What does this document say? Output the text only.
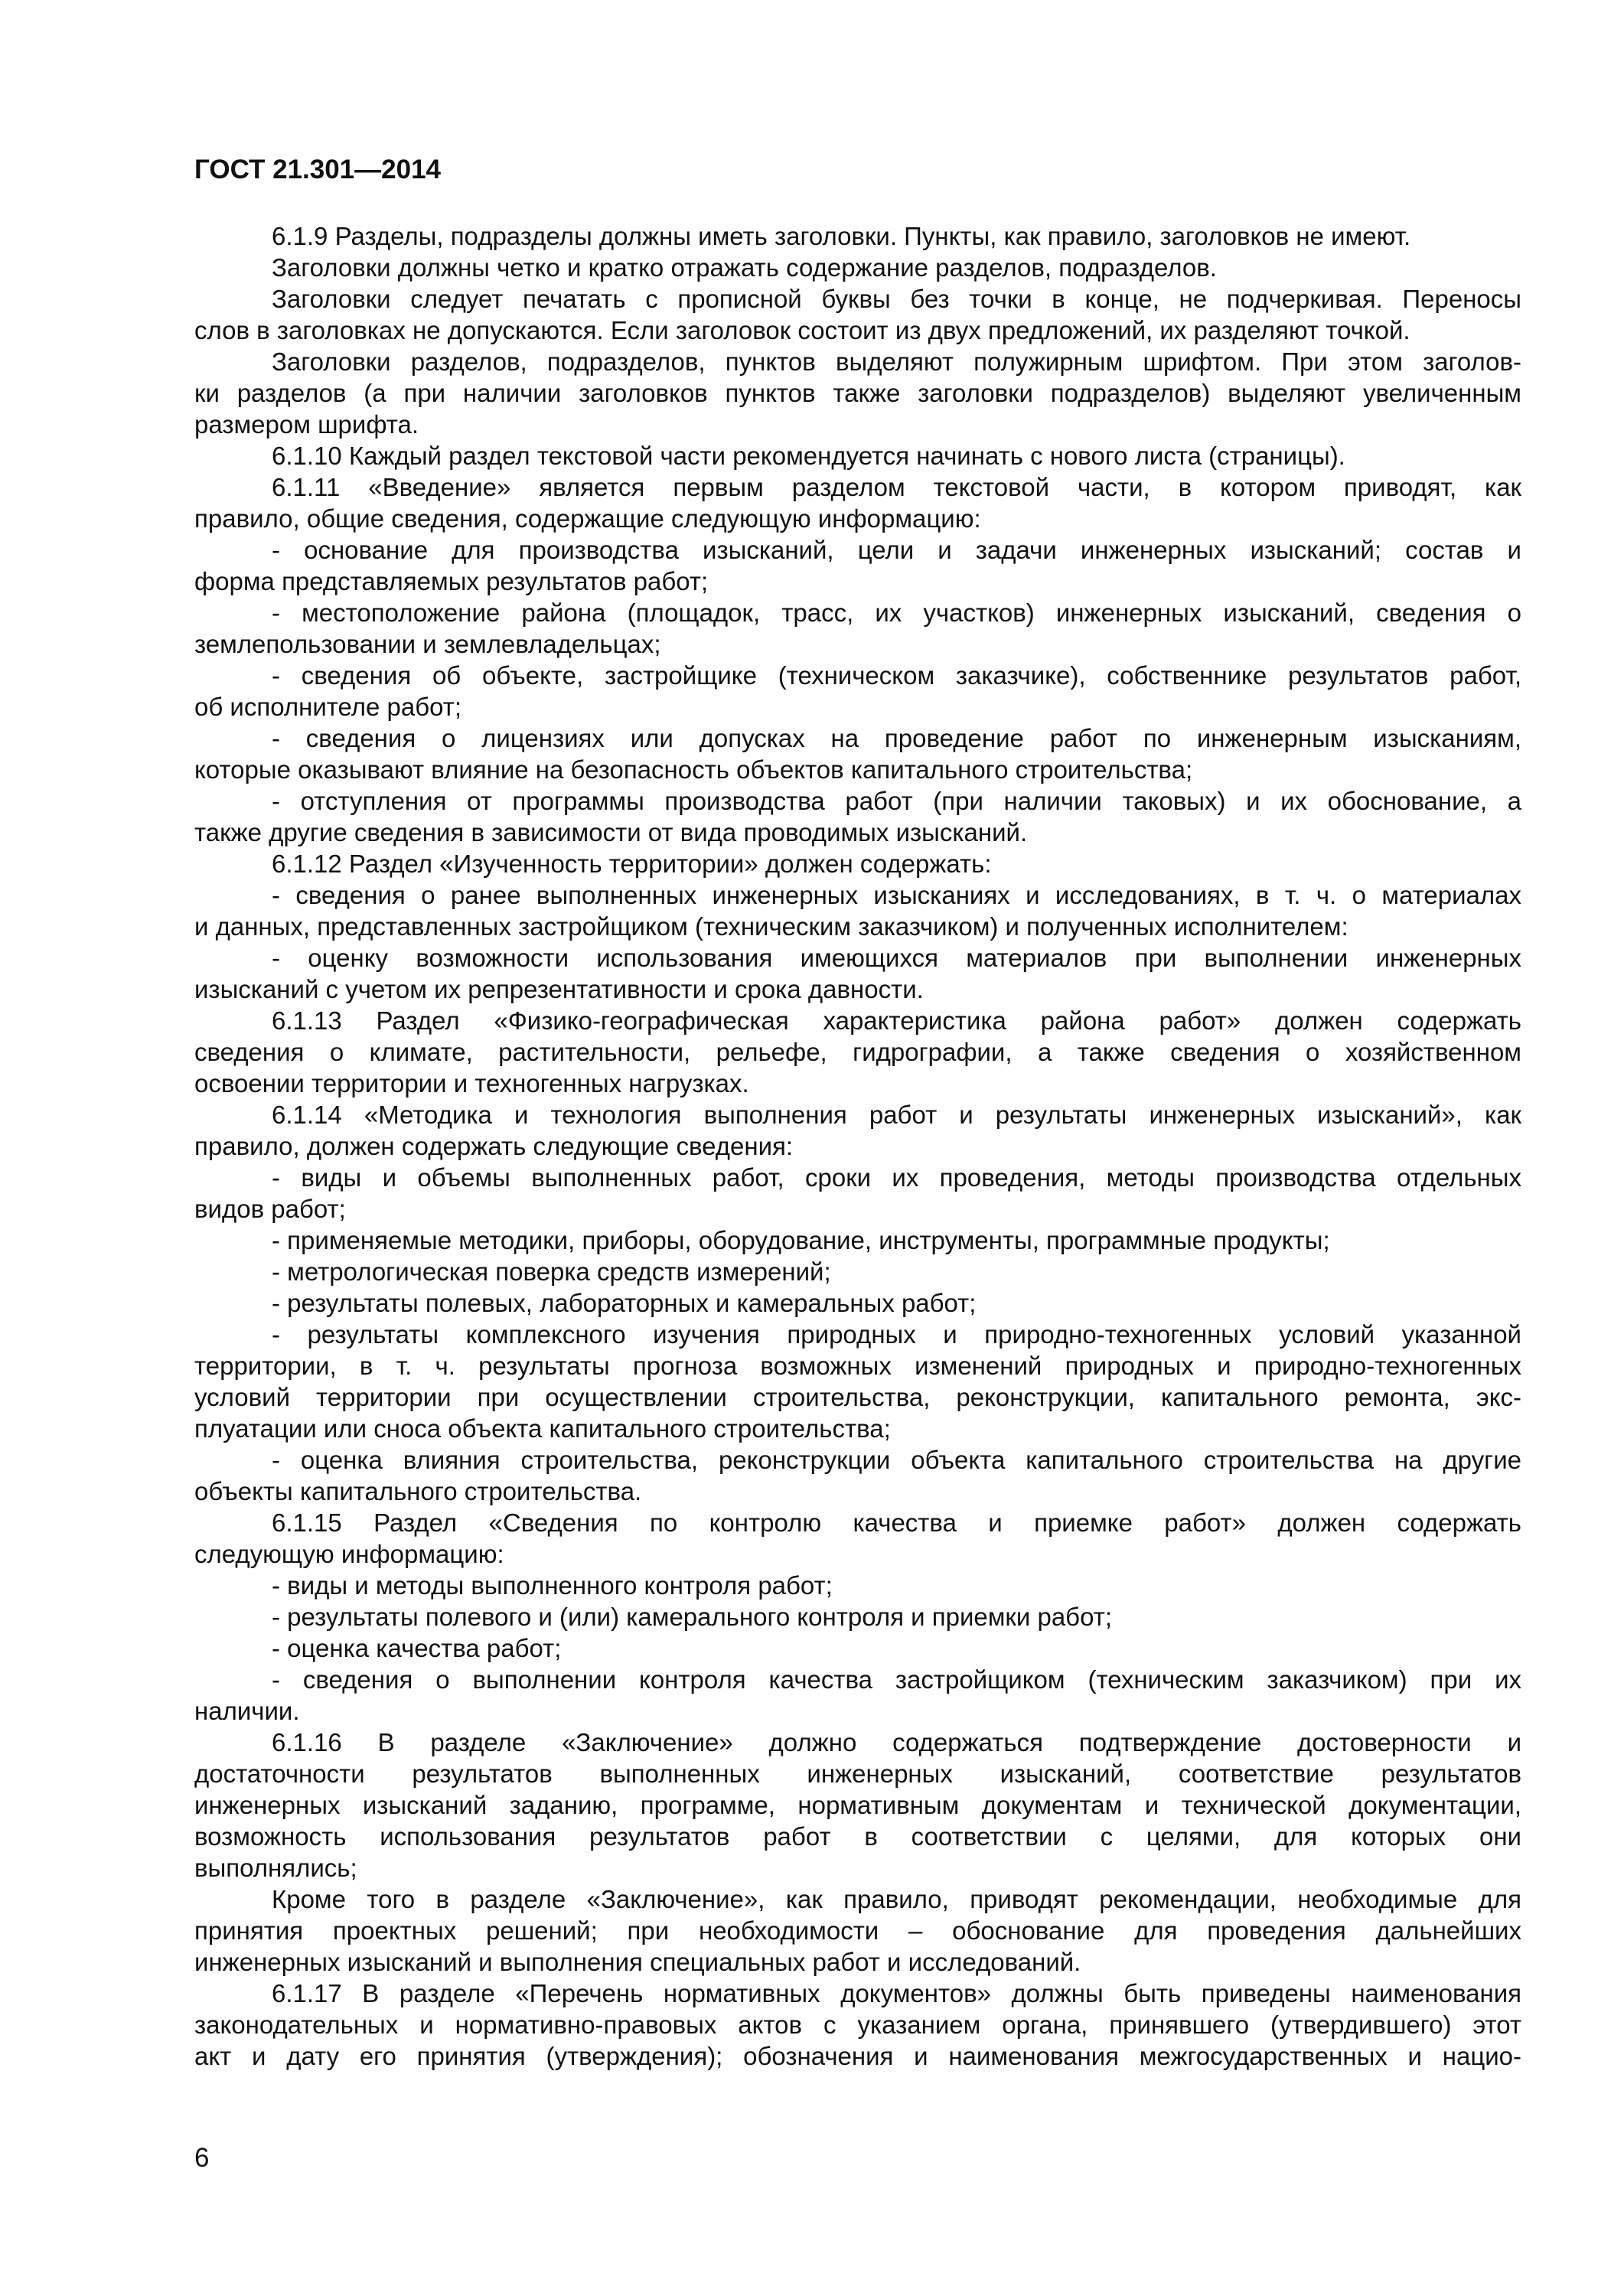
ГОСТ 21.301—2014
6.1.9 Разделы, подразделы должны иметь заголовки. Пункты, как правило, заголовков не имеют.
Заголовки должны четко и кратко отражать содержание разделов, подразделов.
Заголовки следует печатать с прописной буквы без точки в конце, не подчеркивая. Переносы
слов в заголовках не допускаются. Если заголовок состоит из двух предложений, их разделяют точкой.
Заголовки разделов, подразделов, пунктов выделяют полужирным шрифтом. При этом заголов-
ки разделов (а при наличии заголовков пунктов также заголовки подразделов) выделяют увеличенным
размером шрифта.
6.1.10 Каждый раздел текстовой части рекомендуется начинать с нового листа (страницы).
6.1.11 «Введение» является первым разделом текстовой части, в котором приводят, как
правило, общие сведения, содержащие следующую информацию:
- основание для производства изысканий, цели и задачи инженерных изысканий; состав и
форма представляемых результатов работ;
- местоположение района (площадок, трасс, их участков) инженерных изысканий, сведения о
землепользовании и землевладельцах;
- сведения об объекте, застройщике (техническом заказчике), собственнике результатов работ,
об исполнителе работ;
- сведения о лицензиях или допусках на проведение работ по инженерным изысканиям,
которые оказывают влияние на безопасность объектов капитального строительства;
- отступления от программы производства работ (при наличии таковых) и их обоснование, а
также другие сведения в зависимости от вида проводимых изысканий.
6.1.12 Раздел «Изученность территории» должен содержать:
- сведения о ранее выполненных инженерных изысканиях и исследованиях, в т. ч. о материалах
и данных, представленных застройщиком (техническим заказчиком) и полученных исполнителем:
- оценку возможности использования имеющихся материалов при выполнении инженерных
изысканий с учетом их репрезентативности и срока давности.
6.1.13 Раздел «Физико-географическая характеристика района работ» должен содержать
сведения о климате, растительности, рельефе, гидрографии, а также сведения о хозяйственном
освоении территории и техногенных нагрузках.
6.1.14 «Методика и технология выполнения работ и результаты инженерных изысканий», как
правило, должен содержать следующие сведения:
- виды и объемы выполненных работ, сроки их проведения, методы производства отдельных
видов работ;
- применяемые методики, приборы, оборудование, инструменты, программные продукты;
- метрологическая поверка средств измерений;
- результаты полевых, лабораторных и камеральных работ;
- результаты комплексного изучения природных и природно-техногенных условий указанной
территории, в т. ч. результаты прогноза возможных изменений природных и природно-техногенных
условий территории при осуществлении строительства, реконструкции, капитального ремонта, экс-
плуатации или сноса объекта капитального строительства;
- оценка влияния строительства, реконструкции объекта капитального строительства на другие
объекты капитального строительства.
6.1.15 Раздел «Сведения по контролю качества и приемке работ» должен содержать
следующую информацию:
- виды и методы выполненного контроля работ;
- результаты полевого и (или) камерального контроля и приемки работ;
- оценка качества работ;
- сведения о выполнении контроля качества застройщиком (техническим заказчиком) при их
наличии.
6.1.16 В разделе «Заключение» должно содержаться подтверждение достоверности и
достаточности результатов выполненных инженерных изысканий, соответствие результатов
инженерных изысканий заданию, программе, нормативным документам и технической документации,
возможность использования результатов работ в соответствии с целями, для которых они
выполнялись;
Кроме того в разделе «Заключение», как правило, приводят рекомендации, необходимые для
принятия проектных решений; при необходимости – обоснование для проведения дальнейших
инженерных изысканий и выполнения специальных работ и исследований.
6.1.17 В разделе «Перечень нормативных документов» должны быть приведены наименования
законодательных и нормативно-правовых актов с указанием органа, принявшего (утвердившего) этот
акт и дату его принятия (утверждения); обозначения и наименования межгосударственных и нацио-
6
